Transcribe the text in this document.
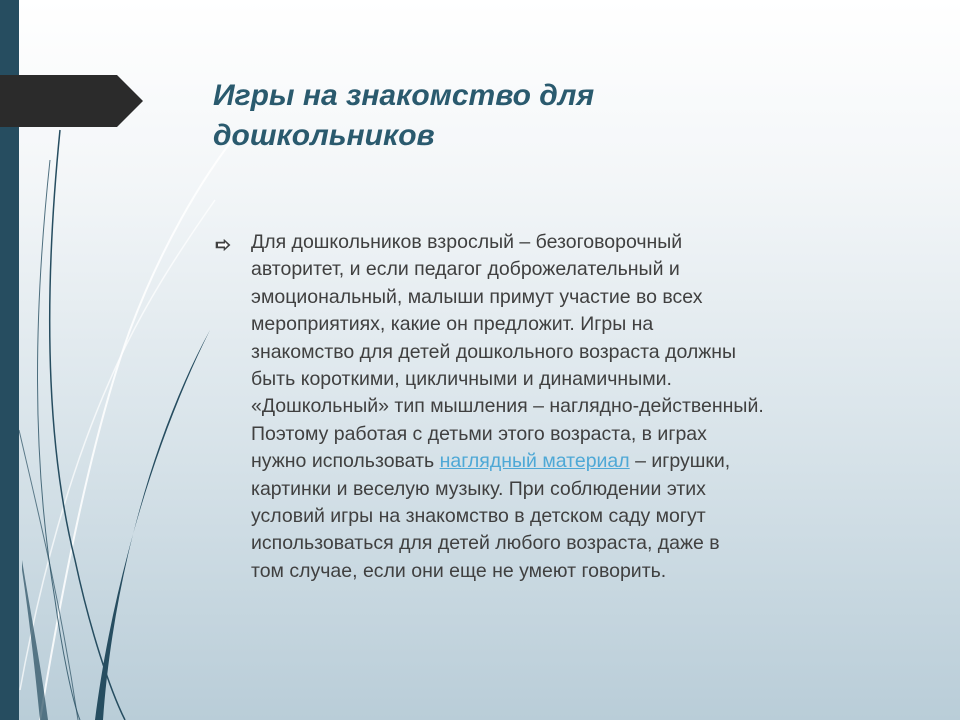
Игры на знакомство для
дошкольников

Для дошкольников взрослый – безоговорочный
авторитет, и если педагог доброжелательный и
эмоциональный, малыши примут участие во всех
мероприятиях, какие он предложит. Игры на
знакомство для детей дошкольного возраста должны
быть короткими, цикличными и динамичными.
«Дошкольный» тип мышления – наглядно-действенный.
Поэтому работая с детьми этого возраста, в играх
нужно использовать наглядный материал – игрушки,
картинки и веселую музыку. При соблюдении этих
условий игры на знакомство в детском саду могут
использоваться для детей любого возраста, даже в
том случае, если они еще не умеют говорить.
